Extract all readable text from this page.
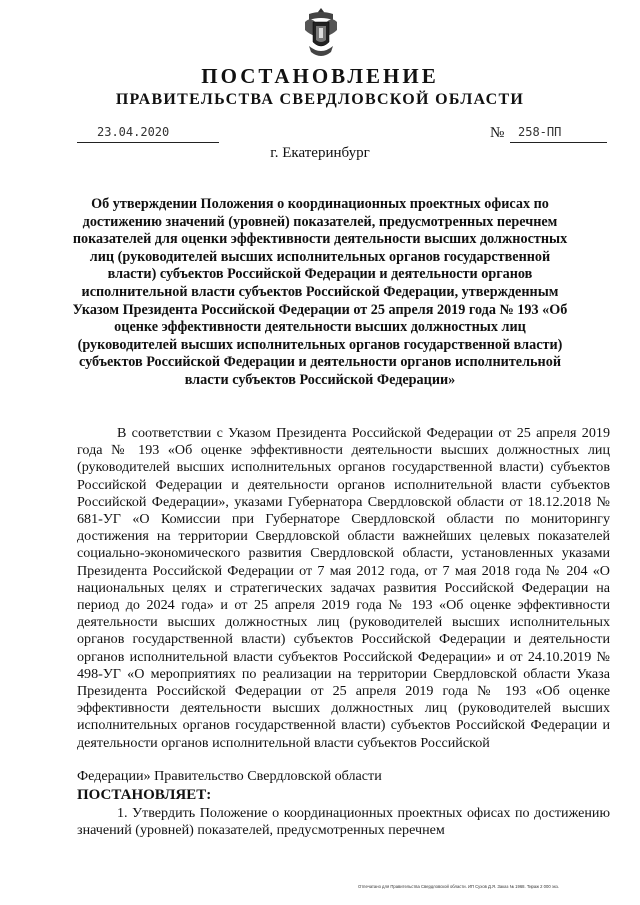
ПОСТАНОВЛЕНИЕ
ПРАВИТЕЛЬСТВА СВЕРДЛОВСКОЙ ОБЛАСТИ
23.04.2020	№	258-ПП
г. Екатеринбург
Об утверждении Положения о координационных проектных офисах по достижению значений (уровней) показателей, предусмотренных перечнем показателей для оценки эффективности деятельности высших должностных лиц (руководителей высших исполнительных органов государственной власти) субъектов Российской Федерации и деятельности органов исполнительной власти субъектов Российской Федерации, утвержденным Указом Президента Российской Федерации от 25 апреля 2019 года № 193 «Об оценке эффективности деятельности высших должностных лиц (руководителей высших исполнительных органов государственной власти) субъектов Российской Федерации и деятельности органов исполнительной власти субъектов Российской Федерации»
В соответствии с Указом Президента Российской Федерации от 25 апреля 2019 года № 193 «Об оценке эффективности деятельности высших должностных лиц (руководителей высших исполнительных органов государственной власти) субъектов Российской Федерации и деятельности органов исполнительной власти субъектов Российской Федерации», указами Губернатора Свердловской области от 18.12.2018 № 681-УГ «О Комиссии при Губернаторе Свердловской области по мониторингу достижения на территории Свердловской области важнейших целевых показателей социально-экономического развития Свердловской области, установленных указами Президента Российской Федерации от 7 мая 2012 года, от 7 мая 2018 года № 204 «О национальных целях и стратегических задачах развития Российской Федерации на период до 2024 года» и от 25 апреля 2019 года № 193 «Об оценке эффективности деятельности высших должностных лиц (руководителей высших исполнительных органов государственной власти) субъектов Российской Федерации и деятельности органов исполнительной власти субъектов Российской Федерации» и от 24.10.2019 № 498-УГ «О мероприятиях по реализации на территории Свердловской области Указа Президента Российской Федерации от 25 апреля 2019 года № 193 «Об оценке эффективности деятельности высших должностных лиц (руководителей высших исполнительных органов государственной власти) субъектов Российской Федерации и деятельности органов исполнительной власти субъектов Российской
Федерации» Правительство Свердловской области
ПОСТАНОВЛЯЕТ:
1. Утвердить Положение о координационных проектных офисах по достижению значений (уровней) показателей, предусмотренных перечнем
Отпечатано для Правительства Свердловской области. ИП Сухов Д.Я. Заказ № 1968. Тираж 2 000 экз.
